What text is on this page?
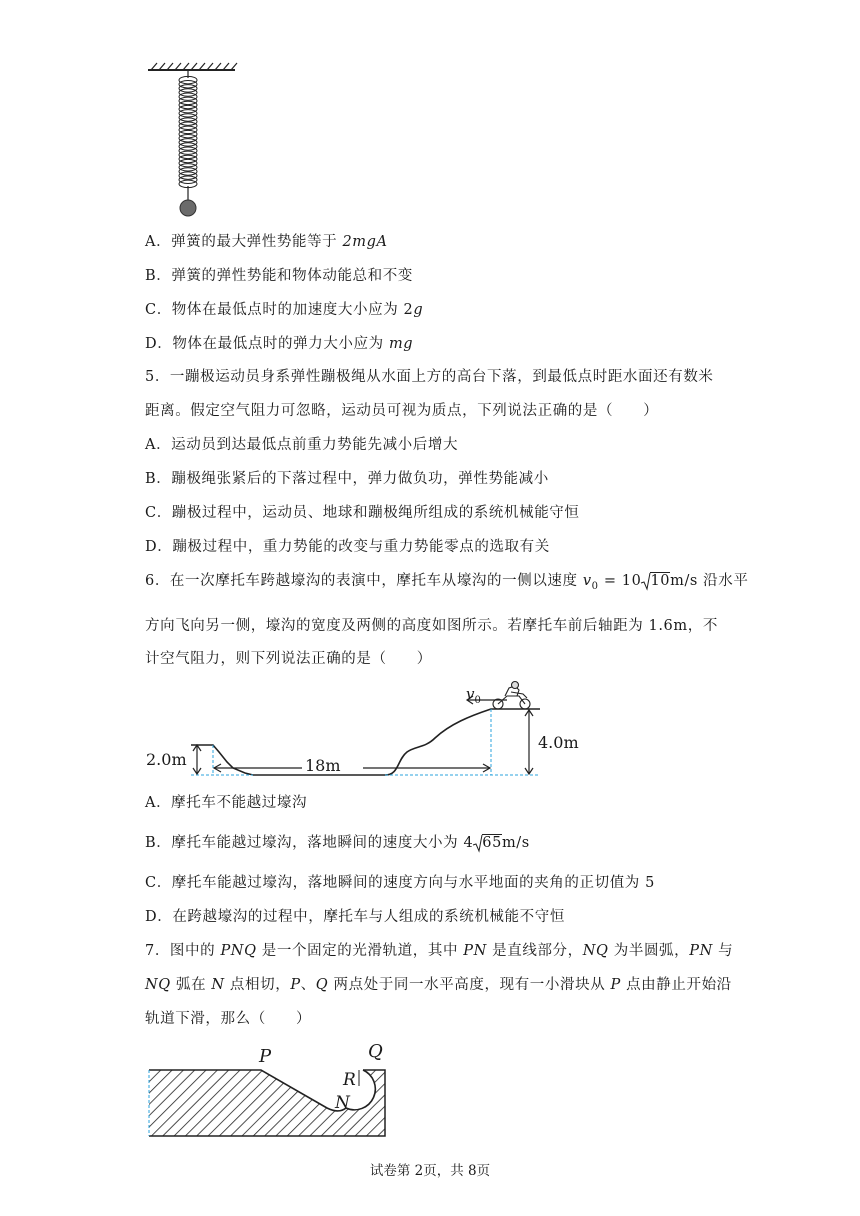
A．弹簧的最大弹性势能等于 2mgA
B．弹簧的弹性势能和物体动能总和不变
C．物体在最低点时的加速度大小应为 2g
D．物体在最低点时的弹力大小应为 mg
5．一蹦极运动员身系弹性蹦极绳从水面上方的高台下落，到最低点时距水面还有数米
距离。假定空气阻力可忽略，运动员可视为质点，下列说法正确的是（　　）
A．运动员到达最低点前重力势能先减小后增大
B．蹦极绳张紧后的下落过程中，弹力做负功，弹性势能减小
C．蹦极过程中，运动员、地球和蹦极绳所组成的系统机械能守恒
D．蹦极过程中，重力势能的改变与重力势能零点的选取有关
6．在一次摩托车跨越壕沟的表演中，摩托车从壕沟的一侧以速度 $v_0 = 10$ 10m/s 沿水平
方向飞向另一侧，壕沟的宽度及两侧的高度如图所示。若摩托车前后轴距为 1.6m，不
计空气阻力，则下列说法正确的是（　　）
2.0m	18m
4.0m
$v_0$
A．摩托车不能越过壕沟
B．摩托车能越过壕沟，落地瞬间的速度大小为 4 65m/s
C．摩托车能越过壕沟，落地瞬间的速度方向与水平地面的夹角的正切值为 5
D．在跨越壕沟的过程中，摩托车与人组成的系统机械能不守恒
7．图中的 PNQ 是一个固定的光滑轨道，其中 PN 是直线部分，NQ 为半圆弧，PN 与
NQ 弧在 N 点相切，P、Q 两点处于同一水平高度，现有一小滑块从 P 点由静止开始沿
轨道下滑，那么（　　）
P	Q
R
N
试卷第 2页，共 8页
